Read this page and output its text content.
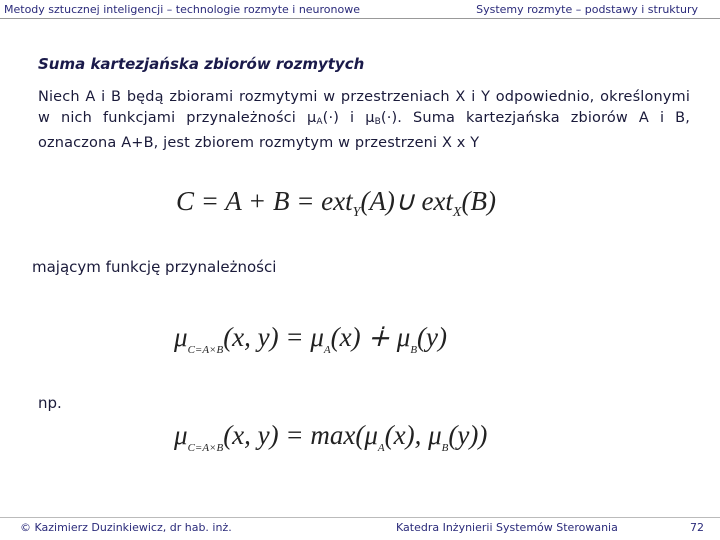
Metody sztucznej inteligencji – technologie rozmyte i neuronowe	Systemy rozmyte – podstawy i struktury
Suma kartezjańska zbiorów rozmytych
Niech A i B będą zbiorami rozmytymi w przestrzeniach X i Y odpowiednio, określonymi w nich funkcjami przynależności $\mu_A(\cdot)$ i $\mu_B(\cdot)$. Suma kartezjańska zbiorów A i B, oznaczona A+B, jest zbiorem rozmytym w przestrzeni X x Y
C = A + B = ext$_Y$(A)∪ ext$_X$(B)
mającym funkcję przynależności
$\mu_{C=A\times B}(x$, $y) = \mu_A(x)$ ∔ $\mu_B(y)$
np.
$\mu_{C=A\times B}(x$, $y) = \max(\mu_A(x)$, $\mu_B(y)$)
© Kazimierz Duzinkiewicz, dr hab. inż.	Katedra Inżynierii Systemów Sterowania	72
